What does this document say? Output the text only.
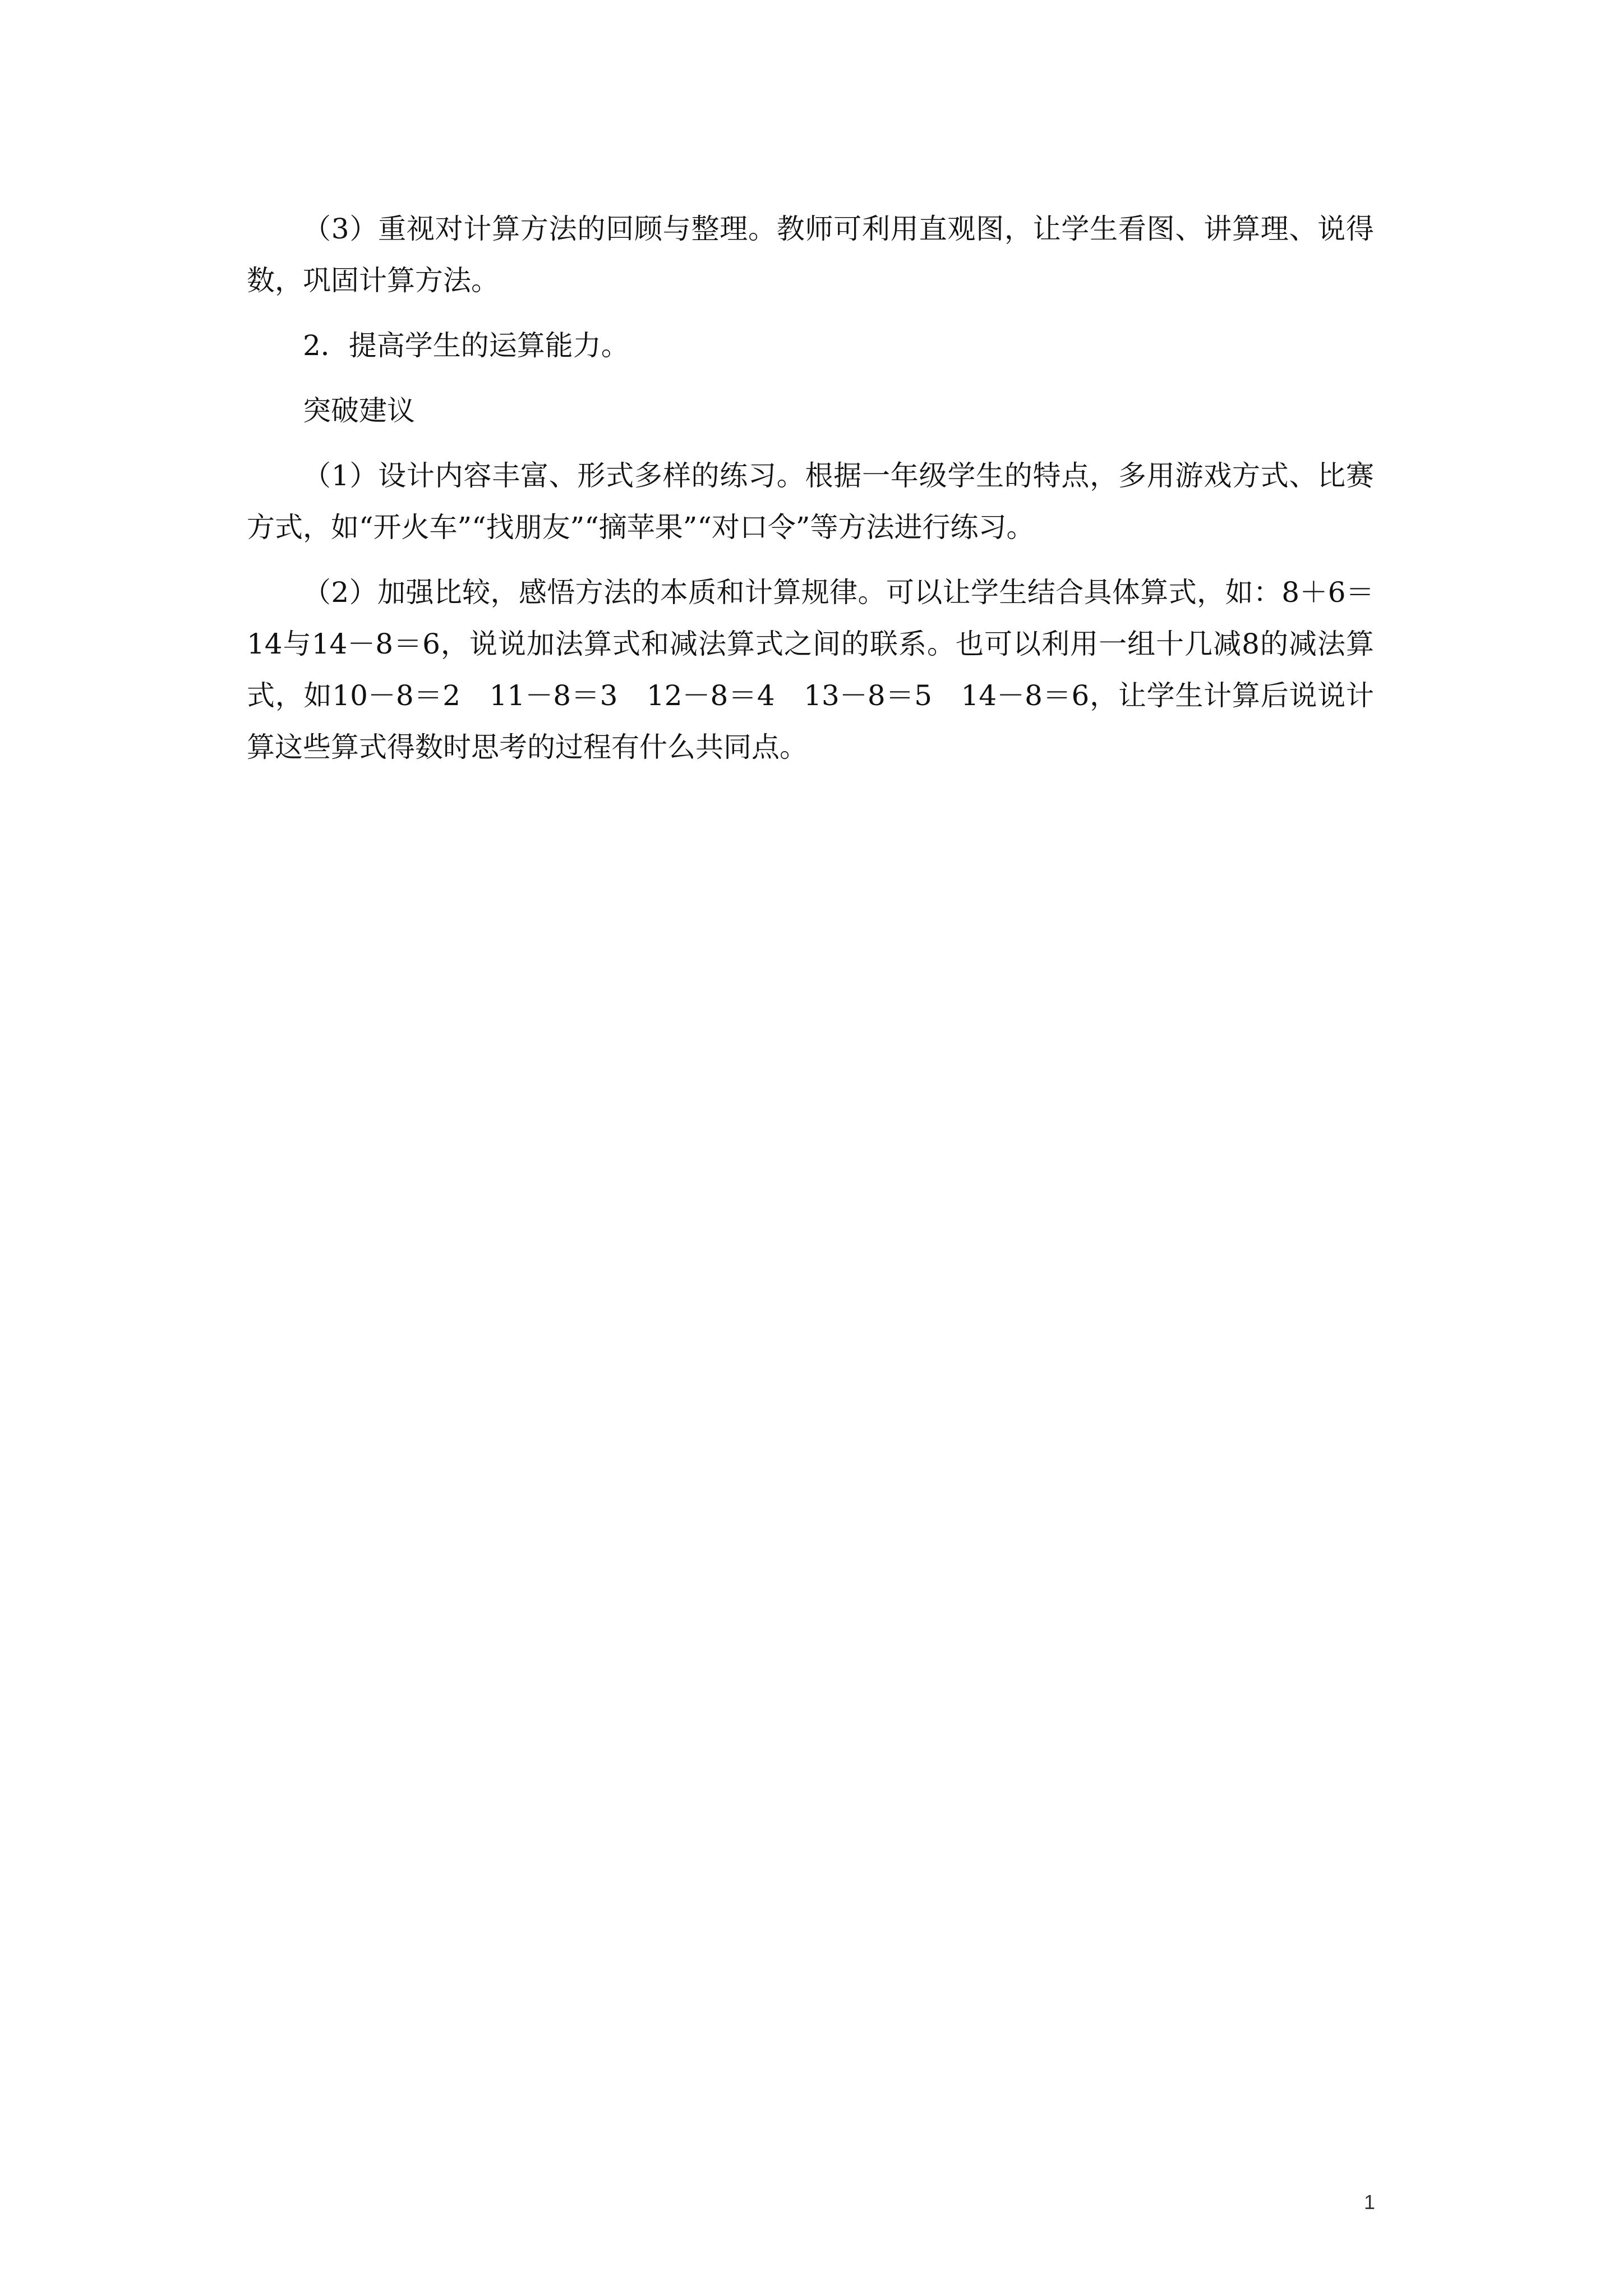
（3）重视对计算方法的回顾与整理。教师可利用直观图，让学生看图、讲算理、说得数，巩固计算方法。

2．提高学生的运算能力。

突破建议

（1）设计内容丰富、形式多样的练习。根据一年级学生的特点，多用游戏方式、比赛方式，如“开火车”“找朋友”“摘苹果”“对口令”等方法进行练习。

（2）加强比较，感悟方法的本质和计算规律。可以让学生结合具体算式，如：8＋6＝14与14－8＝6，说说加法算式和减法算式之间的联系。也可以利用一组十几减8的减法算式，如10－8＝2　11－8＝3　12－8＝4　13－8＝5　14－8＝6，让学生计算后说说计算这些算式得数时思考的过程有什么共同点。

1
